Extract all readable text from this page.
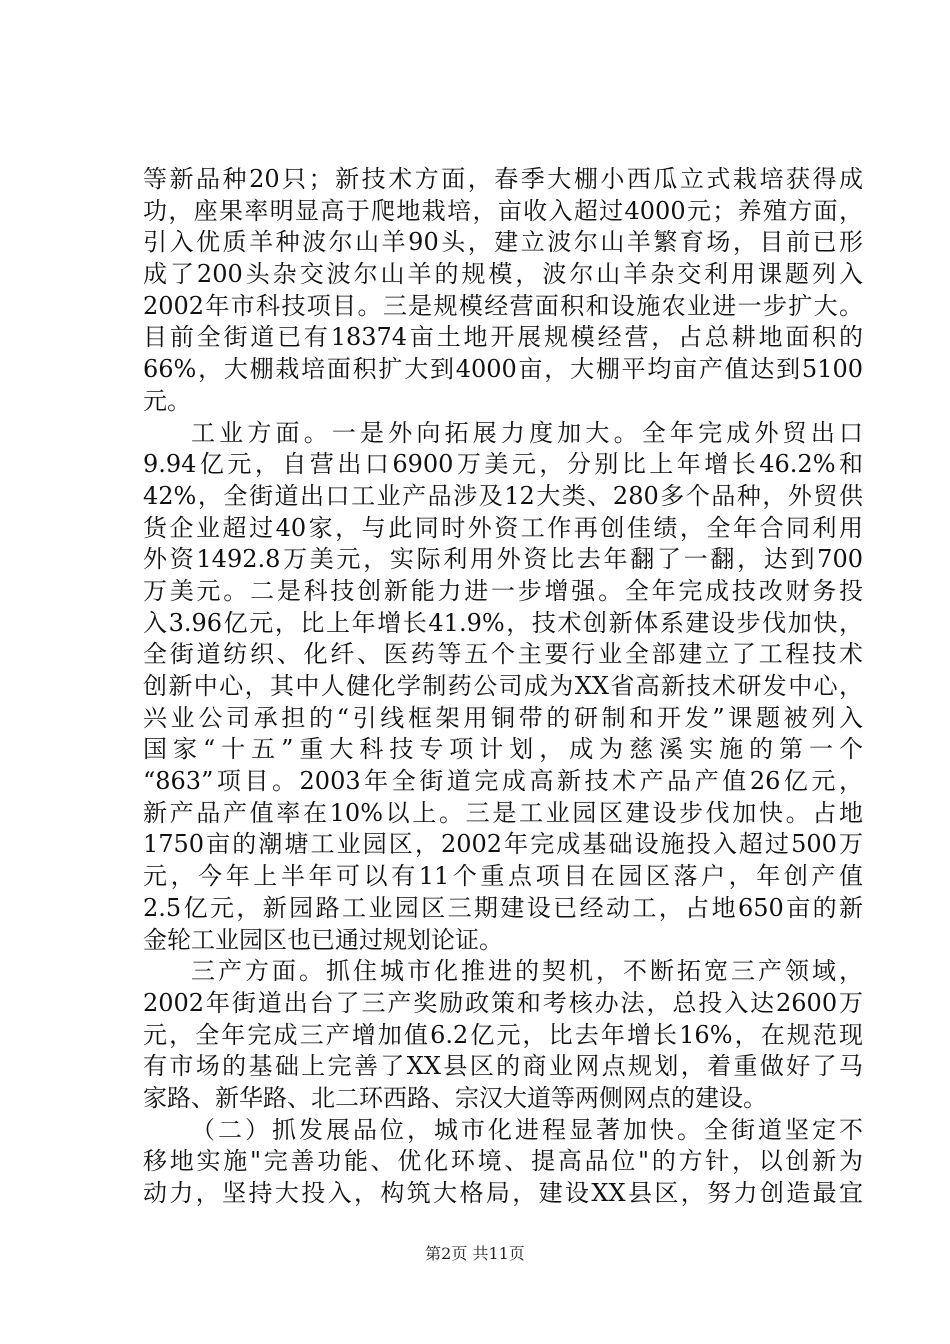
等新品种20只；新技术方面，春季大棚小西瓜立式栽培获得成
功，座果率明显高于爬地栽培，亩收入超过4000元；养殖方面，
引入优质羊种波尔山羊90头，建立波尔山羊繁育场，目前已形
成了200头杂交波尔山羊的规模，波尔山羊杂交利用课题列入
2002年市科技项目。三是规模经营面积和设施农业进一步扩大。
目前全街道已有18374亩土地开展规模经营，占总耕地面积的
66%，大棚栽培面积扩大到4000亩，大棚平均亩产值达到5100
元。
工业方面。一是外向拓展力度加大。全年完成外贸出口
9.94亿元，自营出口6900万美元，分别比上年增长46.2%和
42%，全街道出口工业产品涉及12大类、280多个品种，外贸供
货企业超过40家，与此同时外资工作再创佳绩，全年合同利用
外资1492.8万美元，实际利用外资比去年翻了一翻，达到700
万美元。二是科技创新能力进一步增强。全年完成技改财务投
入3.96亿元，比上年增长41.9%，技术创新体系建设步伐加快，
全街道纺织、化纤、医药等五个主要行业全部建立了工程技术
创新中心，其中人健化学制药公司成为XX省高新技术研发中心，
兴业公司承担的“引线框架用铜带的研制和开发”课题被列入
国家“十五”重大科技专项计划，成为慈溪实施的第一个
“863”项目。2003年全街道完成高新技术产品产值26亿元，
新产品产值率在10%以上。三是工业园区建设步伐加快。占地
1750亩的潮塘工业园区，2002年完成基础设施投入超过500万
元，今年上半年可以有11个重点项目在园区落户，年创产值
2.5亿元，新园路工业园区三期建设已经动工，占地650亩的新
金轮工业园区也已通过规划论证。
三产方面。抓住城市化推进的契机，不断拓宽三产领域，
2002年街道出台了三产奖励政策和考核办法，总投入达2600万
元，全年完成三产增加值6.2亿元，比去年增长16%，在规范现
有市场的基础上完善了XX县区的商业网点规划，着重做好了马
家路、新华路、北二环西路、宗汉大道等两侧网点的建设。
（二）抓发展品位，城市化进程显著加快。全街道坚定不
移地实施"完善功能、优化环境、提高品位"的方针，以创新为
动力，坚持大投入，构筑大格局，建设XX县区，努力创造最宜
第2页 共11页
